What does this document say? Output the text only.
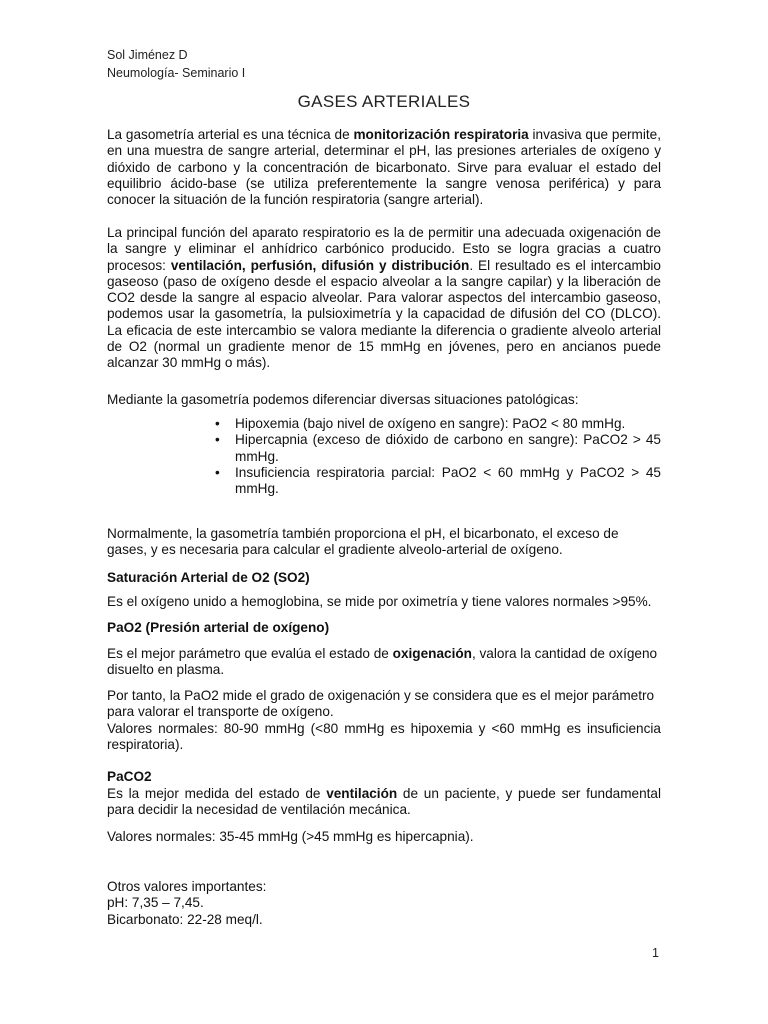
Sol Jiménez D
Neumología- Seminario I
GASES ARTERIALES
La gasometría arterial es una técnica de monitorización respiratoria invasiva que permite, en una muestra de sangre arterial, determinar el pH, las presiones arteriales de oxígeno y dióxido de carbono y la concentración de bicarbonato. Sirve para evaluar el estado del equilibrio ácido-base (se utiliza preferentemente la sangre venosa periférica) y para conocer la situación de la función respiratoria (sangre arterial).
La principal función del aparato respiratorio es la de permitir una adecuada oxigenación de la sangre y eliminar el anhídrico carbónico producido. Esto se logra gracias a cuatro procesos: ventilación, perfusión, difusión y distribución. El resultado es el intercambio gaseoso (paso de oxígeno desde el espacio alveolar a la sangre capilar) y la liberación de CO2 desde la sangre al espacio alveolar. Para valorar aspectos del intercambio gaseoso, podemos usar la gasometría, la pulsioximetría y la capacidad de difusión del CO (DLCO). La eficacia de este intercambio se valora mediante la diferencia o gradiente alveolo arterial de O2 (normal un gradiente menor de 15 mmHg en jóvenes, pero en ancianos puede alcanzar 30 mmHg o más).
Mediante la gasometría podemos diferenciar diversas situaciones patológicas:
• Hipoxemia (bajo nivel de oxígeno en sangre): PaO2 < 80 mmHg.
• Hipercapnia (exceso de dióxido de carbono en sangre): PaCO2 > 45 mmHg.
• Insuficiencia respiratoria parcial: PaO2 < 60 mmHg y PaCO2 > 45 mmHg.
Normalmente, la gasometría también proporciona el pH, el bicarbonato, el exceso de gases, y es necesaria para calcular el gradiente alveolo-arterial de oxígeno.
Saturación Arterial de O2 (SO2)
Es el oxígeno unido a hemoglobina, se mide por oximetría y tiene valores normales >95%.
PaO2 (Presión arterial de oxígeno)
Es el mejor parámetro que evalúa el estado de oxigenación, valora la cantidad de oxígeno disuelto en plasma.
Por tanto, la PaO2 mide el grado de oxigenación y se considera que es el mejor parámetro para valorar el transporte de oxígeno.
Valores normales: 80-90 mmHg (<80 mmHg es hipoxemia y <60 mmHg es insuficiencia respiratoria).
PaCO2
Es la mejor medida del estado de ventilación de un paciente, y puede ser fundamental para decidir la necesidad de ventilación mecánica.
Valores normales: 35-45 mmHg (>45 mmHg es hipercapnia).
Otros valores importantes:
pH: 7,35 – 7,45.
Bicarbonato: 22-28 meq/l.
1
